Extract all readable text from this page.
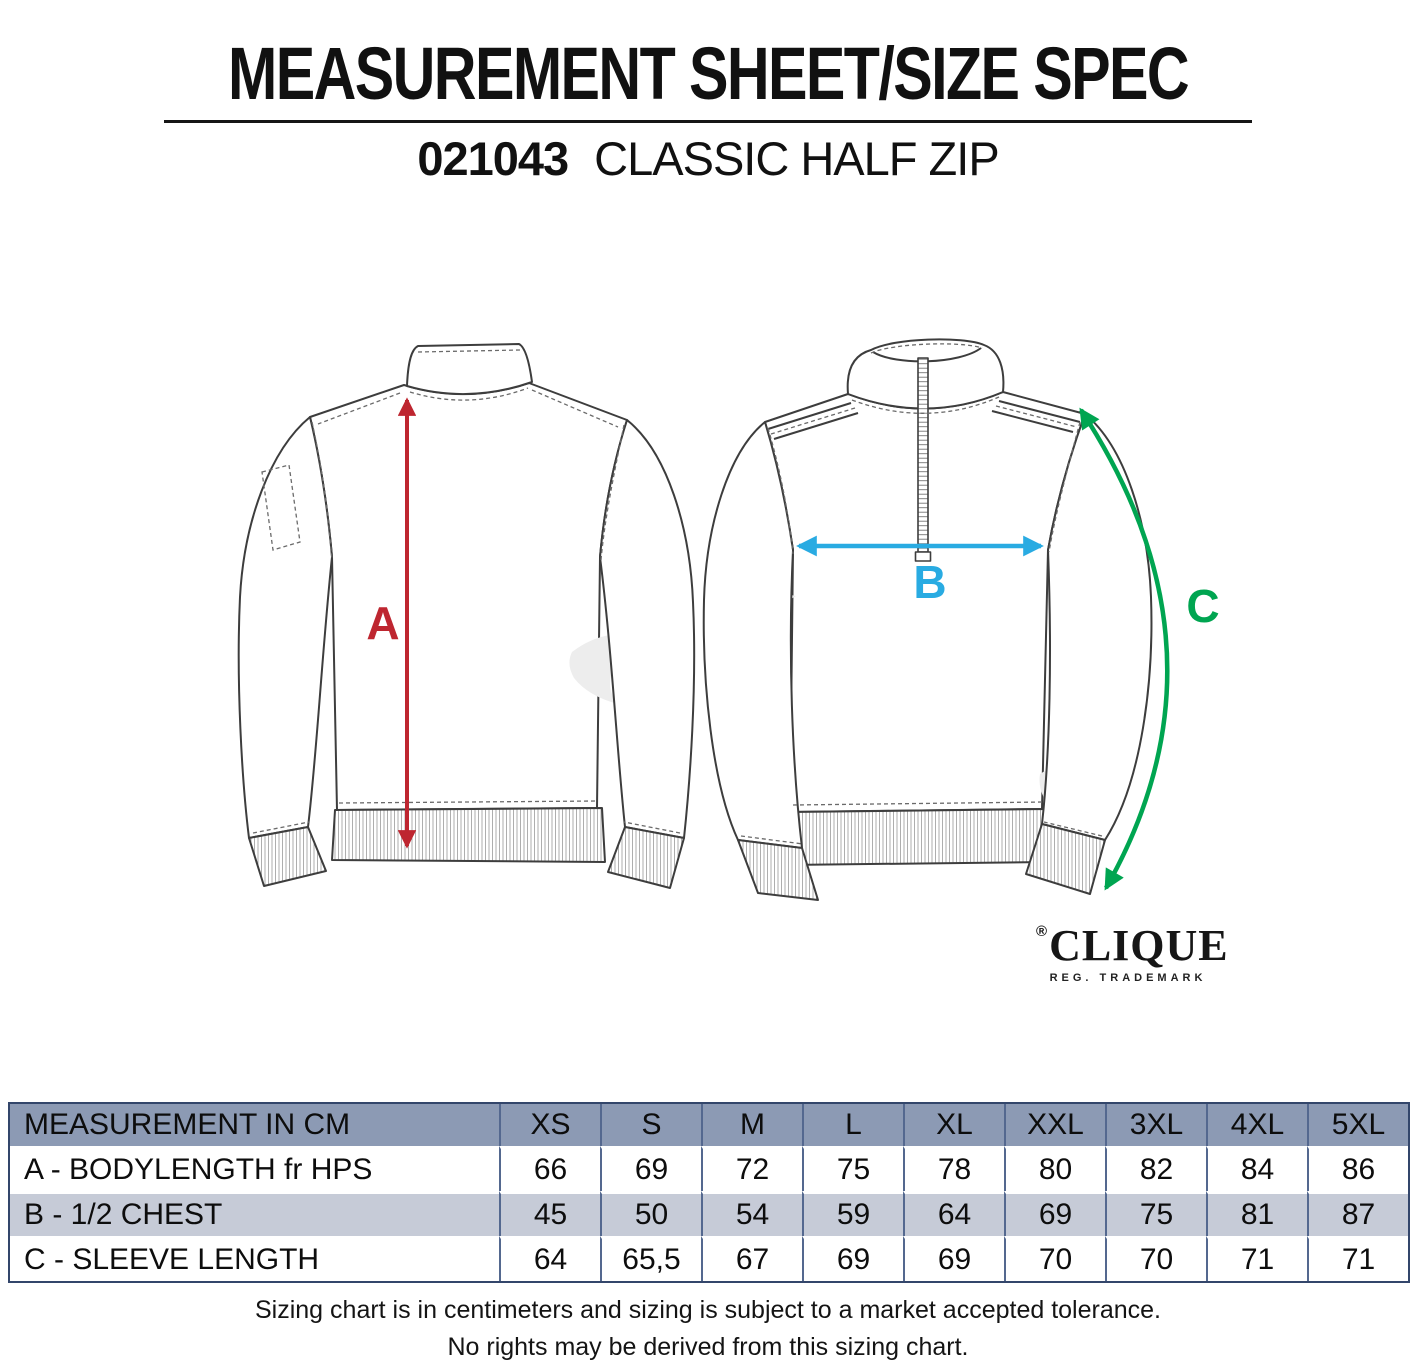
MEASUREMENT SHEET/SIZE SPEC
021043 CLASSIC HALF ZIP
A
B	C
®CLIQUE
REG. TRADEMARK
MEASUREMENT IN CM	XS	S	M	L	XL	XXL	3XL	4XL	5XL
A - BODYLENGTH fr HPS	66	69	72	75	78	80	82	84	86
B - 1/2 CHEST	45	50	54	59	64	69	75	81	87
C - SLEEVE LENGTH	64	65,5	67	69	69	70	70	71	71
Sizing chart is in centimeters and sizing is subject to a market accepted tolerance.
No rights may be derived from this sizing chart.
